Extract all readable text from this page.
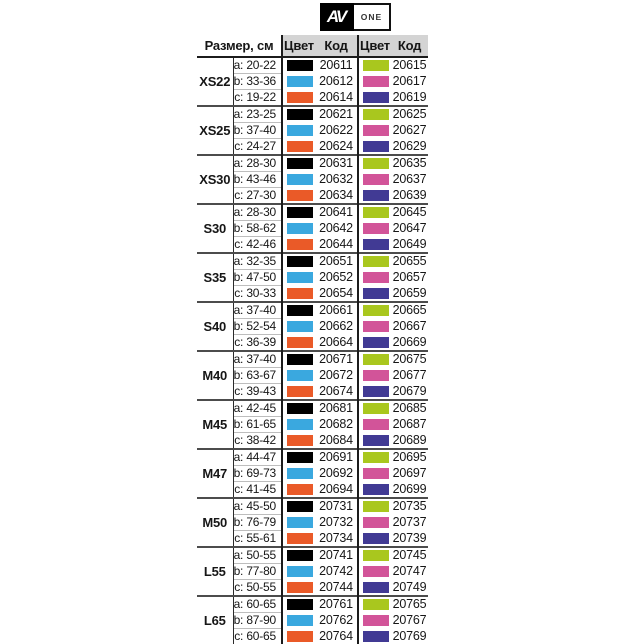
AV	ONE
Размер, см		Цвет	Код	Цвет	Код
XS22	a: 20-22		20611		20615
	b: 33-36		20612		20617
	c: 19-22		20614		20619
XS25	a: 23-25		20621		20625
	b: 37-40		20622		20627
	c: 24-27		20624		20629
XS30	a: 28-30		20631		20635
	b: 43-46		20632		20637
	c: 27-30		20634		20639
S30	a: 28-30		20641		20645
	b: 58-62		20642		20647
	c: 42-46		20644		20649
S35	a: 32-35		20651		20655
	b: 47-50		20652		20657
	c: 30-33		20654		20659
S40	a: 37-40		20661		20665
	b: 52-54		20662		20667
	c: 36-39		20664		20669
M40	a: 37-40		20671		20675
	b: 63-67		20672		20677
	c: 39-43		20674		20679
M45	a: 42-45		20681		20685
	b: 61-65		20682		20687
	c: 38-42		20684		20689
M47	a: 44-47		20691		20695
	b: 69-73		20692		20697
	c: 41-45		20694		20699
M50	a: 45-50		20731		20735
	b: 76-79		20732		20737
	c: 55-61		20734		20739
L55	a: 50-55		20741		20745
	b: 77-80		20742		20747
	c: 50-55		20744		20749
L65	a: 60-65		20761		20765
	b: 87-90		20762		20767
	c: 60-65		20764		20769
